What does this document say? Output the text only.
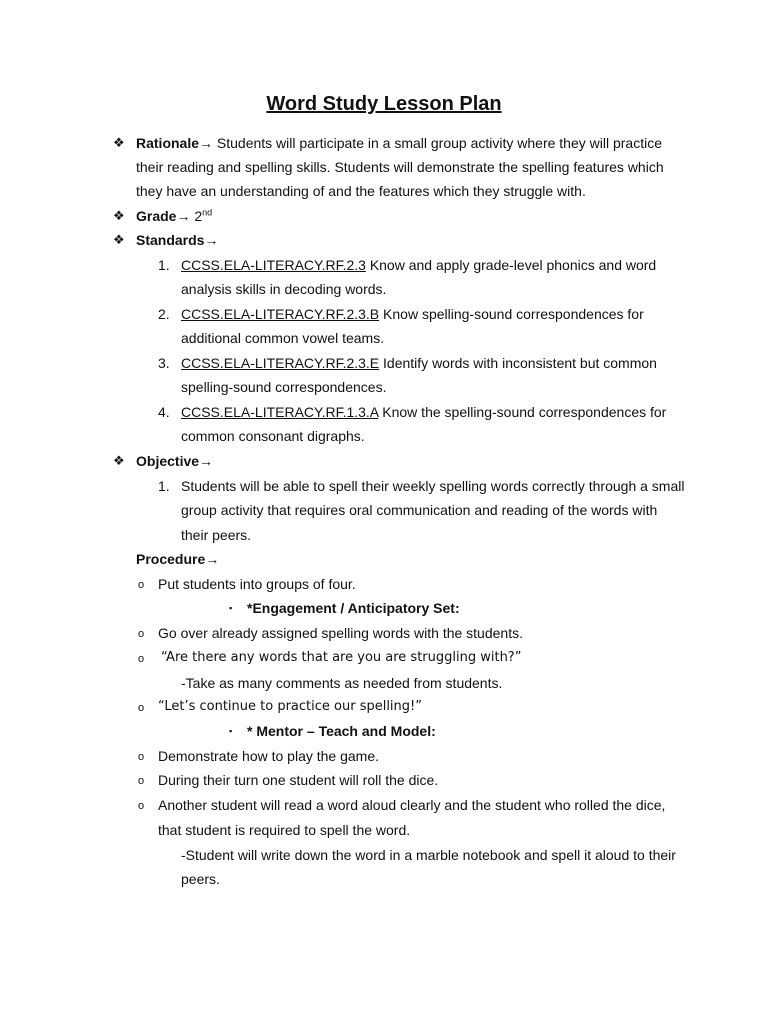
Word Study Lesson Plan
❖ Rationale→ Students will participate in a small group activity where they will practice
their reading and spelling skills. Students will demonstrate the spelling features which
they have an understanding of and the features which they struggle with.
❖ Grade→ 2nd
❖ Standards→
1. CCSS.ELA-LITERACY.RF.2.3 Know and apply grade-level phonics and word
analysis skills in decoding words.
2. CCSS.ELA-LITERACY.RF.2.3.B Know spelling-sound correspondences for
additional common vowel teams.
3. CCSS.ELA-LITERACY.RF.2.3.E Identify words with inconsistent but common
spelling-sound correspondences.
4. CCSS.ELA-LITERACY.RF.1.3.A Know the spelling-sound correspondences for
common consonant digraphs.
❖ Objective→
1. Students will be able to spell their weekly spelling words correctly through a small
group activity that requires oral communication and reading of the words with
their peers.
Procedure→
o Put students into groups of four.
▪ *Engagement / Anticipatory Set:
o Go over already assigned spelling words with the students.
o “Are there any words that are you are struggling with?”
-Take as many comments as needed from students.
o “Let’s continue to practice our spelling!”
▪ * Mentor – Teach and Model:
o Demonstrate how to play the game.
o During their turn one student will roll the dice.
o Another student will read a word aloud clearly and the student who rolled the dice,
that student is required to spell the word.
-Student will write down the word in a marble notebook and spell it aloud to their
peers.
